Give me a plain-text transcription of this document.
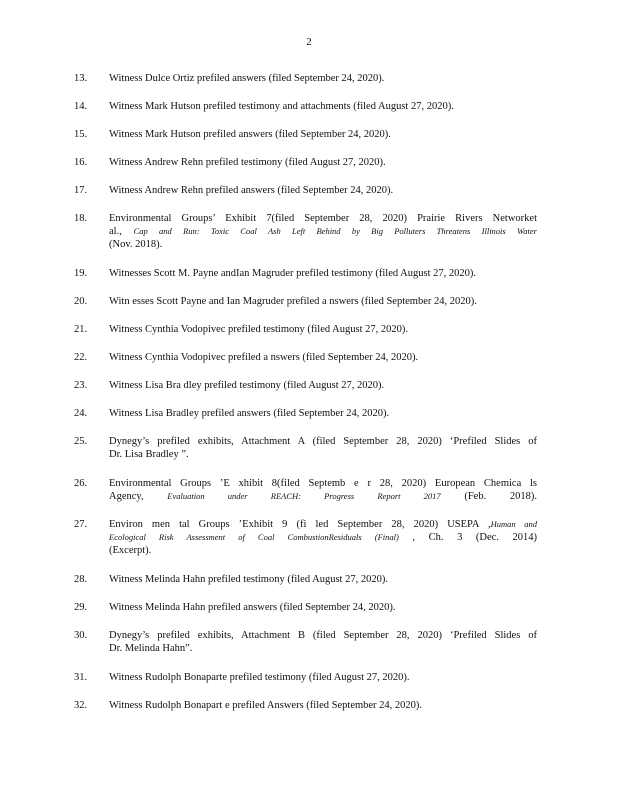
2
13.	Witness Dulce Ortiz prefiled answers (filed September 24, 2020).
14.	Witness Mark Hutson prefiled testimony and attachments (filed August 27, 2020).
15.	Witness Mark Hutson prefiled answers (filed September 24, 2020).
16.	Witness Andrew Rehn prefiled testimony (filed August 27, 2020).
17.	Witness Andrew Rehn prefiled answers (filed September 24, 2020).
18.	Environmental Groups’ Exhibit 7(filed September 28, 2020) Prairie Rivers Networket
al., Cap and Run: Toxic Coal Ash Left Behind by Big Polluters Threatens Illinois Water
(Nov. 2018).
19.	Witnesses Scott M. Payne andIan Magruder prefiled testimony (filed August 27, 2020).
20.	Witn esses Scott Payne and Ian Magruder prefiled a nswers (filed September 24, 2020).
21.	Witness Cynthia Vodopivec prefiled testimony (filed August 27, 2020).
22.	Witness Cynthia Vodopivec prefiled a nswers (filed September 24, 2020).
23.	Witness Lisa Bra dley prefiled testimony (filed August 27, 2020).
24.	Witness Lisa Bradley prefiled answers (filed September 24, 2020).
25.	Dynegy’s prefiled exhibits, Attachment A (filed September 28, 2020) ‘Prefiled Slides of
Dr. Lisa Bradley ”.
26.	Environmental Groups ’E xhibit 8(filed Septemb e r 28, 2020) European Chemica ls
Agency,	Evaluation under REACH: Progress Report 2017 (Feb. 2018).
27.	Environ men tal Groups ’Exhibit 9 (fi led September 28, 2020) USEPA ,Human and
Ecological Risk Assessment of Coal CombustionResiduals (Final) , Ch. 3 (Dec. 2014)
(Excerpt).
28.	Witness Melinda Hahn prefiled testimony (filed August 27, 2020).
29.	Witness Melinda Hahn prefiled answers (filed September 24, 2020).
30.	Dynegy’s prefiled exhibits, Attachment B (filed September 28, 2020) ‘Prefiled Slides of
Dr. Melinda Hahn”.
31.	Witness Rudolph Bonaparte prefiled testimony (filed August 27, 2020).
32.	Witness Rudolph Bonapart e prefiled Answers (filed September 24, 2020).
